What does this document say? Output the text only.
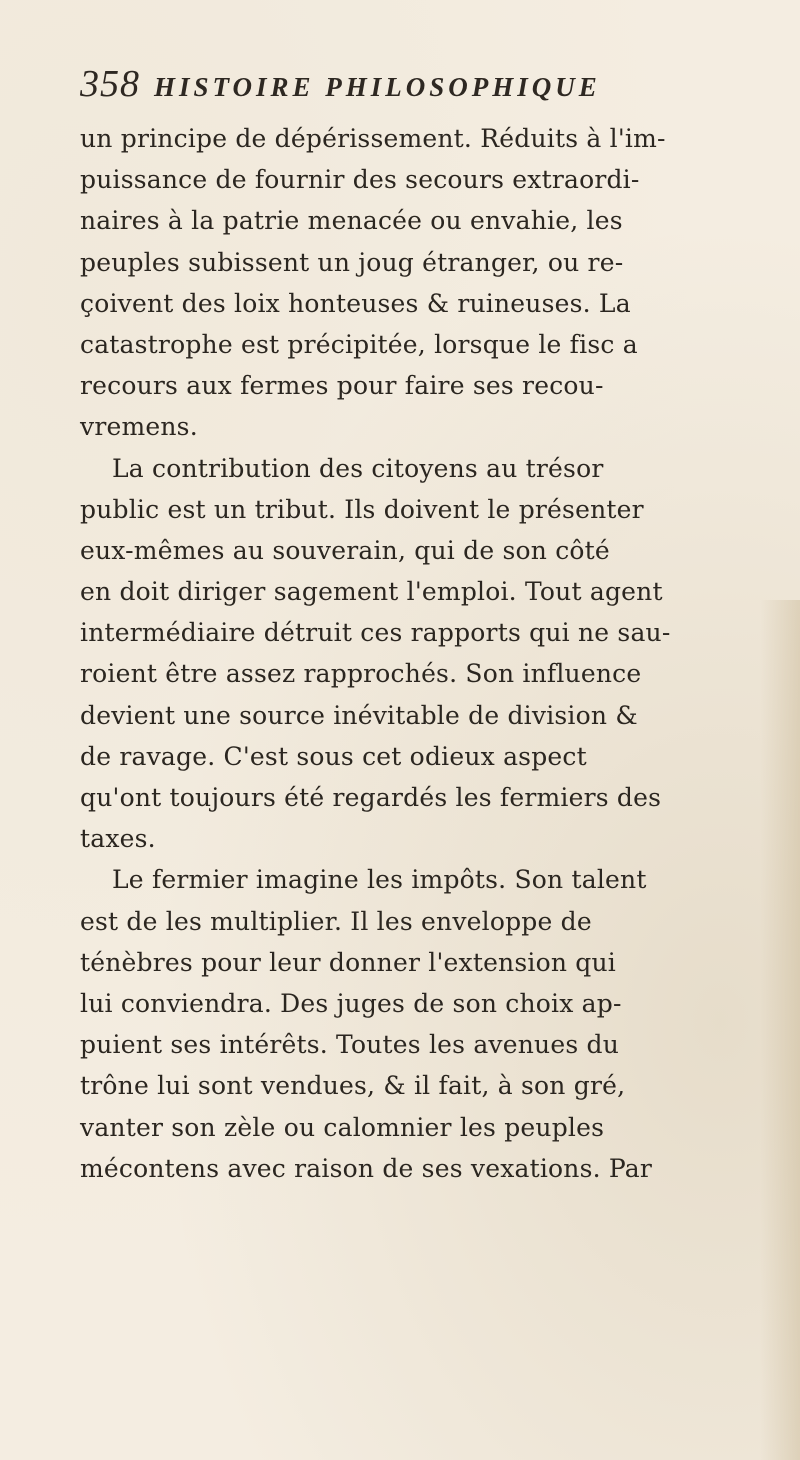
358 HISTOIRE PHILOSOPHIQUE
un principe de dépérissement. Réduits à l'im-
puissance de fournir des secours extraordi-
naires à la patrie menacée ou envahie, les
peuples subissent un joug étranger, ou re-
çoivent des loix honteuses & ruineuses. La
catastrophe est précipitée, lorsque le fisc a
recours aux fermes pour faire ses recou-
vremens.
La contribution des citoyens au trésor
public est un tribut. Ils doivent le présenter
eux-mêmes au souverain, qui de son côté
en doit diriger sagement l'emploi. Tout agent
intermédiaire détruit ces rapports qui ne sau-
roient être assez rapprochés. Son influence
devient une source inévitable de division &
de ravage. C'est sous cet odieux aspect
qu'ont toujours été regardés les fermiers des
taxes.
Le fermier imagine les impôts. Son talent
est de les multiplier. Il les enveloppe de
ténèbres pour leur donner l'extension qui
lui conviendra. Des juges de son choix ap-
puient ses intérêts. Toutes les avenues du
trône lui sont vendues, & il fait, à son gré,
vanter son zèle ou calomnier les peuples
mécontens avec raison de ses vexations. Par
